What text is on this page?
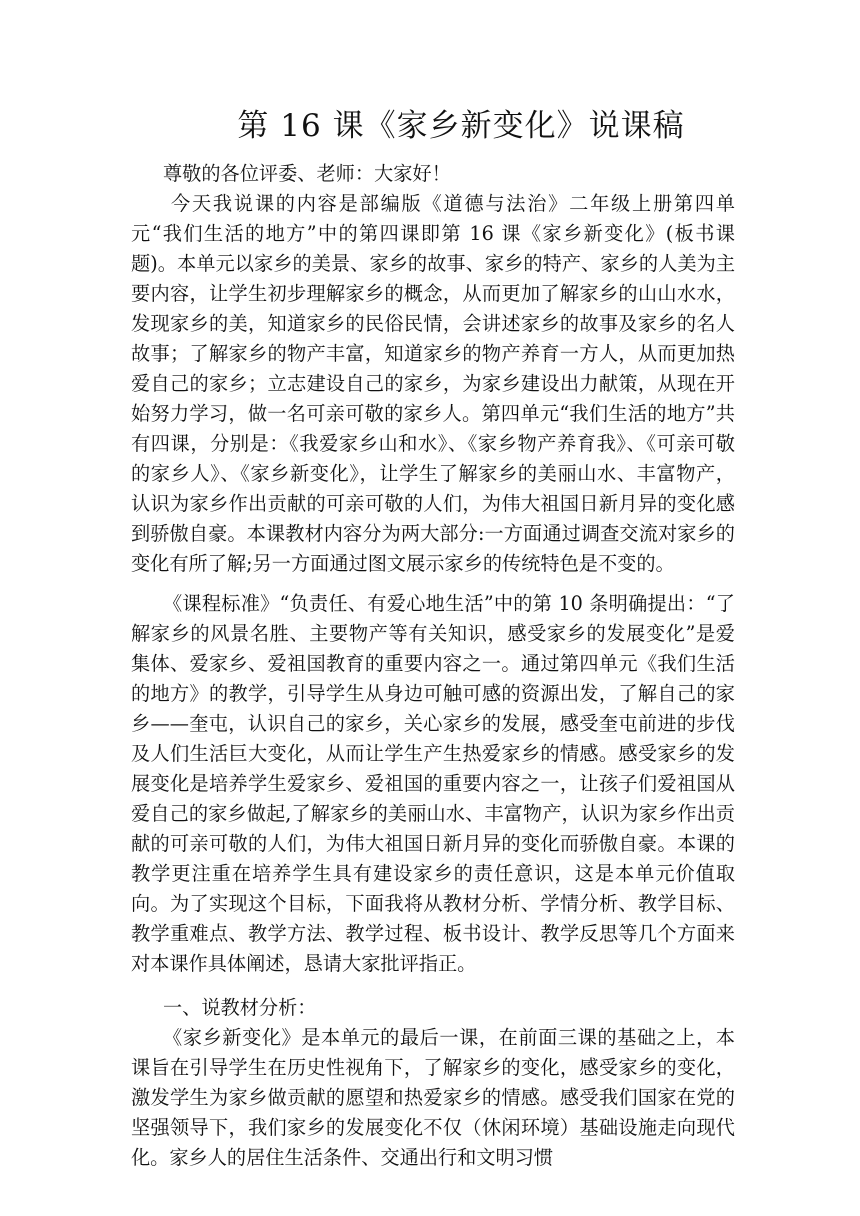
第 16 课《家乡新变化》说课稿

尊敬的各位评委、老师：大家好！

今天我说课的内容是部编版《道德与法治》二年级上册第四单元“我们生活的地方”中的第四课即第 16 课《家乡新变化》(板书课题)。本单元以家乡的美景、家乡的故事、家乡的特产、家乡的人美为主要内容，让学生初步理解家乡的概念，从而更加了解家乡的山山水水，发现家乡的美，知道家乡的民俗民情，会讲述家乡的故事及家乡的名人故事；了解家乡的物产丰富，知道家乡的物产养育一方人，从而更加热爱自己的家乡；立志建设自己的家乡，为家乡建设出力献策，从现在开始努力学习，做一名可亲可敬的家乡人。第四单元“我们生活的地方”共有四课，分别是：《我爱家乡山和水》、《家乡物产养育我》、《可亲可敬的家乡人》、《家乡新变化》，让学生了解家乡的美丽山水、丰富物产，认识为家乡作出贡献的可亲可敬的人们，为伟大祖国日新月异的变化感到骄傲自豪。本课教材内容分为两大部分:一方面通过调查交流对家乡的变化有所了解;另一方面通过图文展示家乡的传统特色是不变的。

《课程标准》“负责任、有爱心地生活”中的第 10 条明确提出：“了解家乡的风景名胜、主要物产等有关知识，感受家乡的发展变化”是爱集体、爱家乡、爱祖国教育的重要内容之一。通过第四单元《我们生活的地方》的教学，引导学生从身边可触可感的资源出发，了解自己的家乡——奎屯，认识自己的家乡，关心家乡的发展，感受奎屯前进的步伐及人们生活巨大变化，从而让学生产生热爱家乡的情感。感受家乡的发展变化是培养学生爱家乡、爱祖国的重要内容之一，让孩子们爱祖国从爱自己的家乡做起,了解家乡的美丽山水、丰富物产，认识为家乡作出贡献的可亲可敬的人们，为伟大祖国日新月异的变化而骄傲自豪。本课的教学更注重在培养学生具有建设家乡的责任意识，这是本单元价值取向。为了实现这个目标，下面我将从教材分析、学情分析、教学目标、教学重难点、教学方法、教学过程、板书设计、教学反思等几个方面来对本课作具体阐述，恳请大家批评指正。

一、说教材分析：

《家乡新变化》是本单元的最后一课，在前面三课的基础之上，本课旨在引导学生在历史性视角下，了解家乡的变化，感受家乡的变化，激发学生为家乡做贡献的愿望和热爱家乡的情感。感受我们国家在党的坚强领导下，我们家乡的发展变化不仅（休闲环境）基础设施走向现代化。家乡人的居住生活条件、交通出行和文明习惯
